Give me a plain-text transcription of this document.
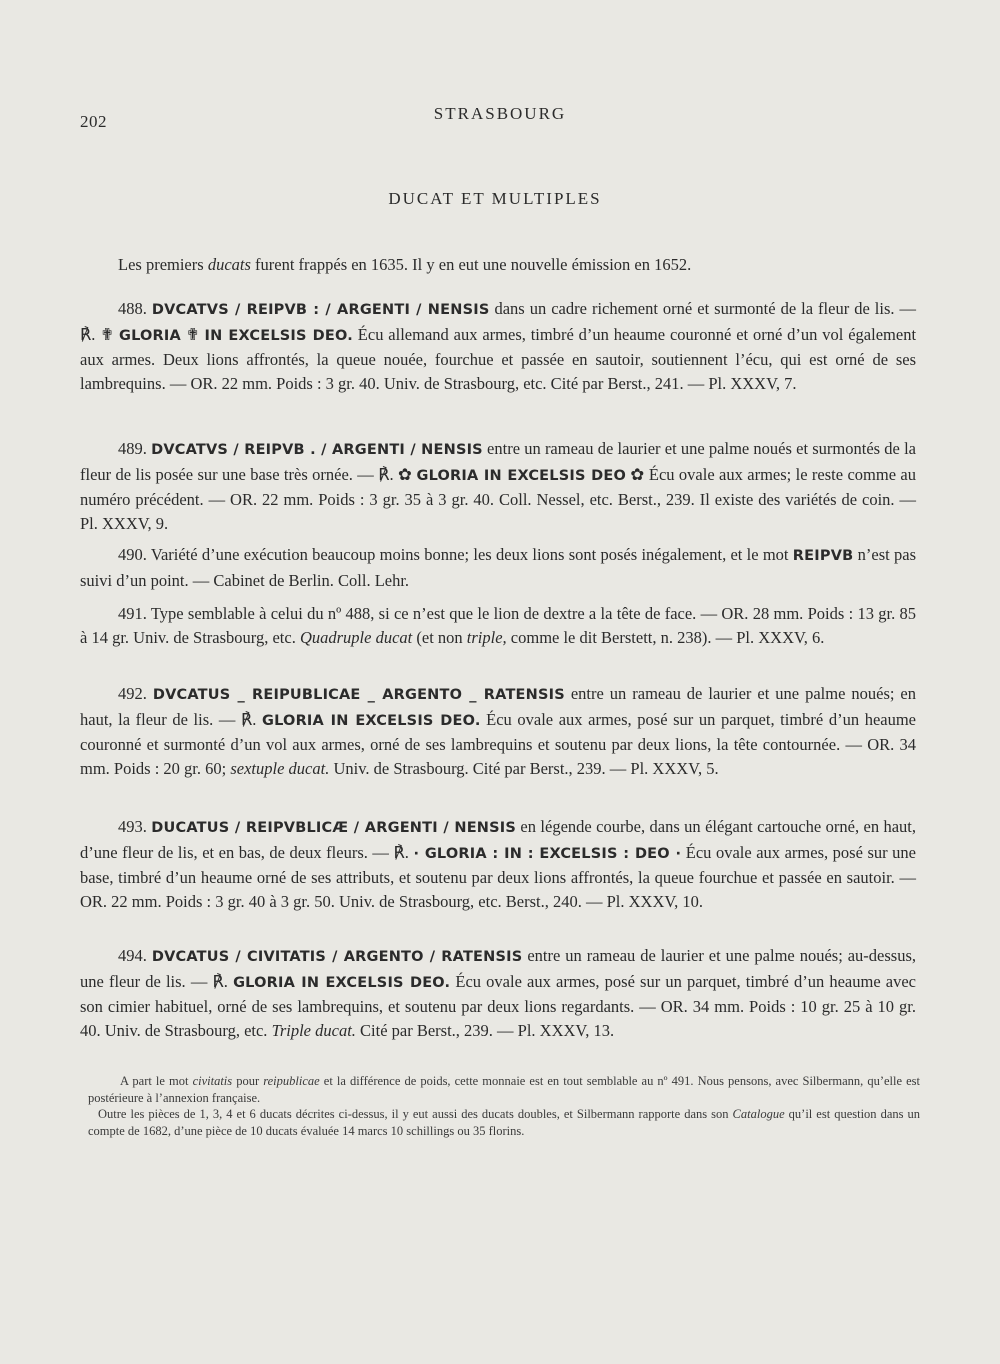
202	STRASBOURG
DUCAT ET MULTIPLES
Les premiers ducats furent frappés en 1635. Il y en eut une nouvelle émission en 1652.
488. DVCATVS / REIPVB : / ARGENTI / NENSIS dans un cadre richement orné et surmonté de la fleur de lis. — ℟. ✟ GLORIA ✟ IN EXCELSIS DEO. Écu allemand aux armes, timbré d’un heaume couronné et orné d’un vol également aux armes. Deux lions affrontés, la queue nouée, fourchue et passée en sautoir, soutiennent l’écu, qui est orné de ses lambrequins. — OR. 22 mm. Poids : 3 gr. 40. Univ. de Strasbourg, etc. Cité par Berst., 241. — Pl. XXXV, 7.
489. DVCATVS / REIPVB . / ARGENTI / NENSIS entre un rameau de laurier et une palme noués et surmontés de la fleur de lis posée sur une base très ornée. — ℟. ✿ GLORIA IN EXCELSIS DEO ✿ Écu ovale aux armes; le reste comme au numéro précédent. — OR. 22 mm. Poids : 3 gr. 35 à 3 gr. 40. Coll. Nessel, etc. Berst., 239. Il existe des variétés de coin. — Pl. XXXV, 9.
490. Variété d’une exécution beaucoup moins bonne; les deux lions sont posés inégalement, et le mot REIPVB n’est pas suivi d’un point. — Cabinet de Berlin. Coll. Lehr.
491. Type semblable à celui du nº 488, si ce n’est que le lion de dextre a la tête de face. — OR. 28 mm. Poids : 13 gr. 85 à 14 gr. Univ. de Strasbourg, etc. Quadruple ducat (et non triple, comme le dit Berstett, n. 238). — Pl. XXXV, 6.
492. DVCATUS _ REIPUBLICAE _ ARGENTO _ RATENSIS entre un rameau de laurier et une palme noués; en haut, la fleur de lis. — ℟. GLORIA IN EXCELSIS DEO. Écu ovale aux armes, posé sur un parquet, timbré d’un heaume couronné et surmonté d’un vol aux armes, orné de ses lambrequins et soutenu par deux lions, la tête contournée. — OR. 34 mm. Poids : 20 gr. 60; sextuple ducat. Univ. de Strasbourg. Cité par Berst., 239. — Pl. XXXV, 5.
493. DUCATUS / REIPVBLICÆ / ARGENTI / NENSIS en légende courbe, dans un élégant cartouche orné, en haut, d’une fleur de lis, et en bas, de deux fleurs. — ℟. · GLORIA : IN : EXCELSIS : DEO · Écu ovale aux armes, posé sur une base, timbré d’un heaume orné de ses attributs, et soutenu par deux lions affrontés, la queue fourchue et passée en sautoir. — OR. 22 mm. Poids : 3 gr. 40 à 3 gr. 50. Univ. de Strasbourg, etc. Berst., 240. — Pl. XXXV, 10.
494. DVCATUS / CIVITATIS / ARGENTO / RATENSIS entre un rameau de laurier et une palme noués; au-dessus, une fleur de lis. — ℟. GLORIA IN EXCELSIS DEO. Écu ovale aux armes, posé sur un parquet, timbré d’un heaume avec son cimier habituel, orné de ses lambrequins, et soutenu par deux lions regardants. — OR. 34 mm. Poids : 10 gr. 25 à 10 gr. 40. Univ. de Strasbourg, etc. Triple ducat. Cité par Berst., 239. — Pl. XXXV, 13.

A part le mot civitatis pour reipublicae et la différence de poids, cette monnaie est en tout semblable au nº 491. Nous pensons, avec Silbermann, qu’elle est postérieure à l’annexion française.

Outre les pièces de 1, 3, 4 et 6 ducats décrites ci-dessus, il y eut aussi des ducats doubles, et Silbermann rapporte dans son Catalogue qu’il est question dans un compte de 1682, d’une pièce de 10 ducats évaluée 14 marcs 10 schillings ou 35 florins.
